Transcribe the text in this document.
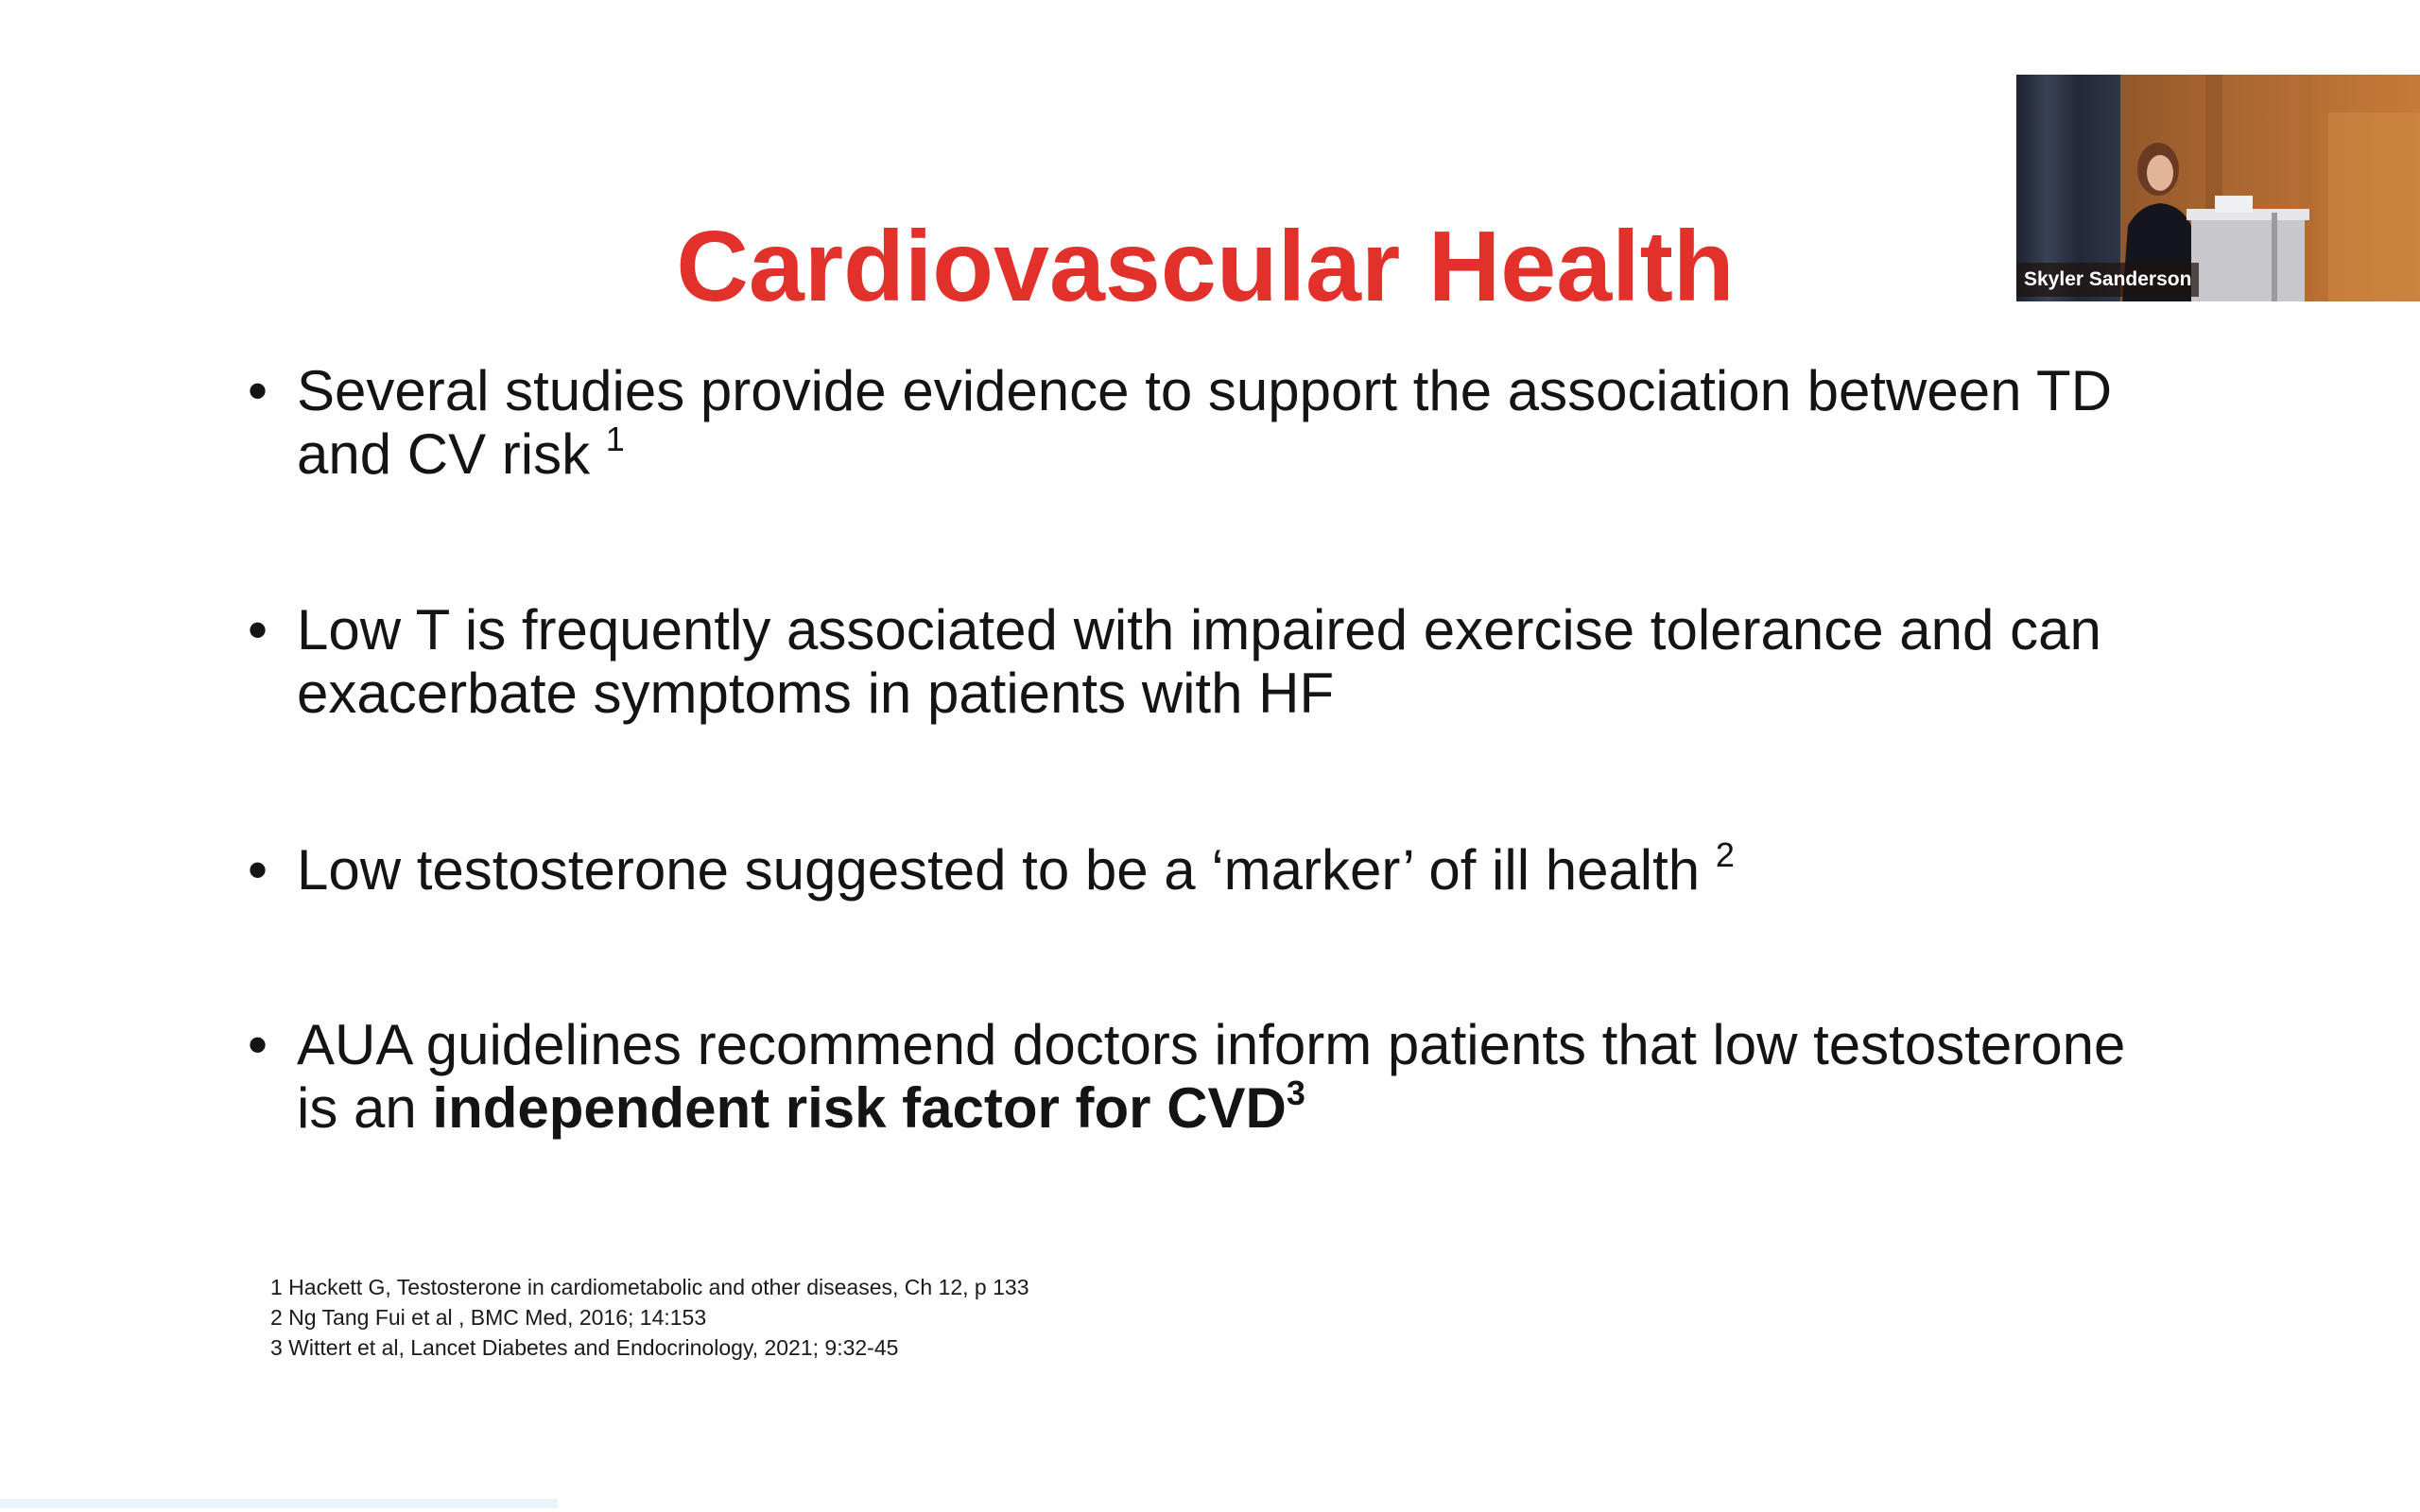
Cardiovascular Health
• Several studies provide evidence to support the association between TD and CV risk $^1$
• Low T is frequently associated with impaired exercise tolerance and can exacerbate symptoms in patients with HF
• Low testosterone suggested to be a ‘marker’ of ill health $^2$
• AUA guidelines recommend doctors inform patients that low testosterone is an independent risk factor for CVD$^3$
1 Hackett G, Testosterone in cardiometabolic and other diseases, Ch 12, p 133
2 Ng Tang Fui et al , BMC Med, 2016; 14:153
3 Wittert et al, Lancet Diabetes and Endocrinology, 2021; 9:32-45
Skyler Sanderson
